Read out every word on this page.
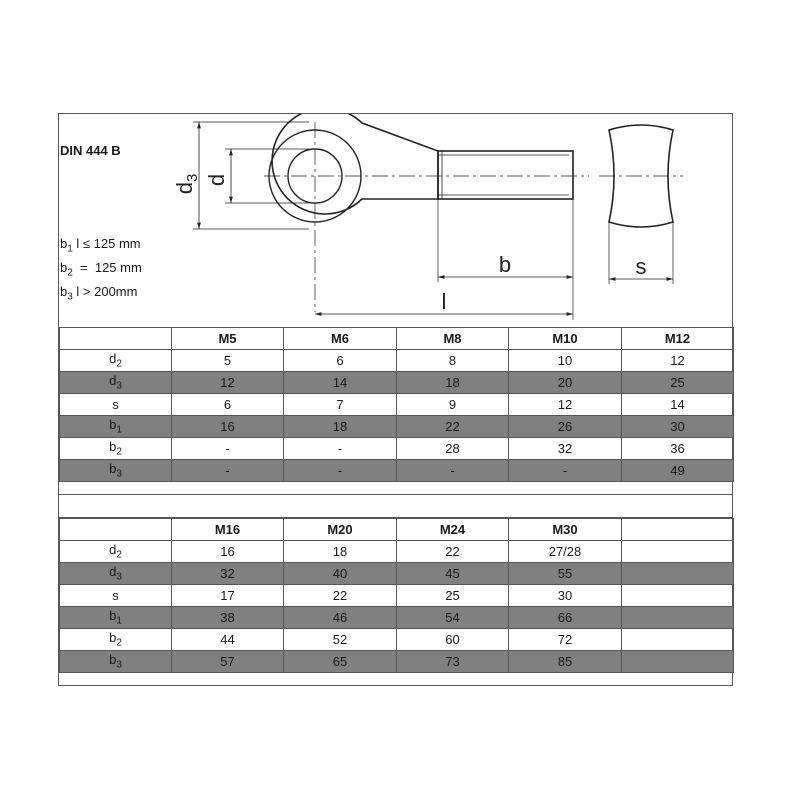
DIN 444 B
$b_1$ l ≤ 125 mm
$b_2 = 125$ mm
$b_3$ l > 200mm
$d_3$ d
b
l
s
	M5	M6	M8	M10	M12
$d_2$	5	6	8	10	12
$d_3$	12	14	18	20	25
s	6	7	9	12	14
$b_1$	16	18	22	26	30
$b_2$	-	-	28	32	36
$b_3$	-	-	-	-	49
	M16	M20	M24	M30	
$d_2$	16	18	22	27/28	
$d_3$	32	40	45	55	
s	17	22	25	30	
$b_1$	38	46	54	66	
$b_2$	44	52	60	72	
$b_3$	57	65	73	85	
